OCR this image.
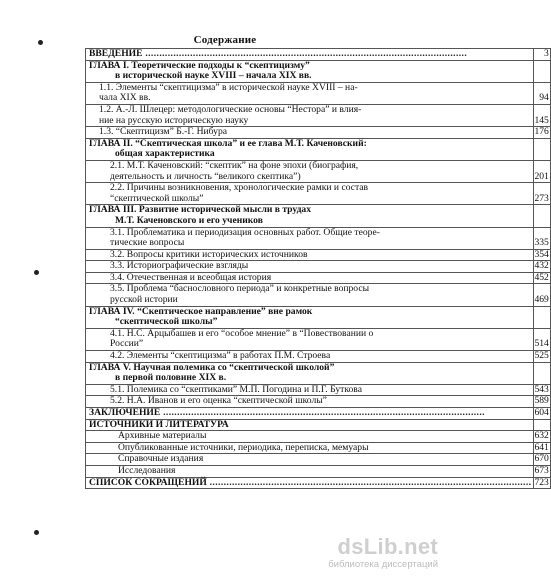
Содержание
ВВЕДЕНИЕ .....	3

ГЛАВА I. Теоретические подходы к “скептицизму”
в исторической науке XVIII – начала XIX вв.	

1.1. Элементы “скептицизма” в исторической науке XVIII – на-
чала XIX вв.	94

1.2. А.-Л. Шлецер: методологические основы “Нестора” и влия-
ние на русскую историческую науку	145

1.3. “Скептицизм” Б.-Г. Нибура	176

ГЛАВА II. “Скептическая школа” и ее глава М.Т. Каченовский:
общая характеристика	

2.1. М.Т. Каченовский: “скептик” на фоне эпохи (биография,
деятельность и личность “великого скептика”)	201

2.2. Причины возникновения, хронологические рамки и состав
“скептической школы”	273

ГЛАВА III. Развитие исторической мысли в трудах
М.Т. Каченовского и его учеников	

3.1. Проблематика и периодизация основных работ. Общие теоре-
тические вопросы	335

3.2. Вопросы критики исторических источников	354

3.3. Историографические взгляды	432

3.4. Отечественная и всеобщая история	452

3.5. Проблема “баснословного периода” и конкретные вопросы
русской истории	469

ГЛАВА IV. “Скептическое направление” вне рамок
“скептической школы”	

4.1. Н.С. Арцыбашев и его “особое мнение” в “Повествовании о
России”	514

4.2. Элементы “скептицизма” в работах П.М. Строева	525

ГЛАВА V. Научная полемика со “скептической школой”
в первой половине XIX в.	

5.1. Полемика со “скептиками” М.П. Погодина и П.Г. Буткова	543

5.2. Н.А. Иванов и его оценка “скептической школы”	589

ЗАКЛЮЧЕНИЕ .....	604

ИСТОЧНИКИ И ЛИТЕРАТУРА	

Архивные материалы	632

Опубликованные источники, периодика, переписка, мемуары	641

Справочные издания	670

Исследования	673

СПИСОК СОКРАЩЕНИЙ .....	723
dsLib.net
библиотека диссертаций
